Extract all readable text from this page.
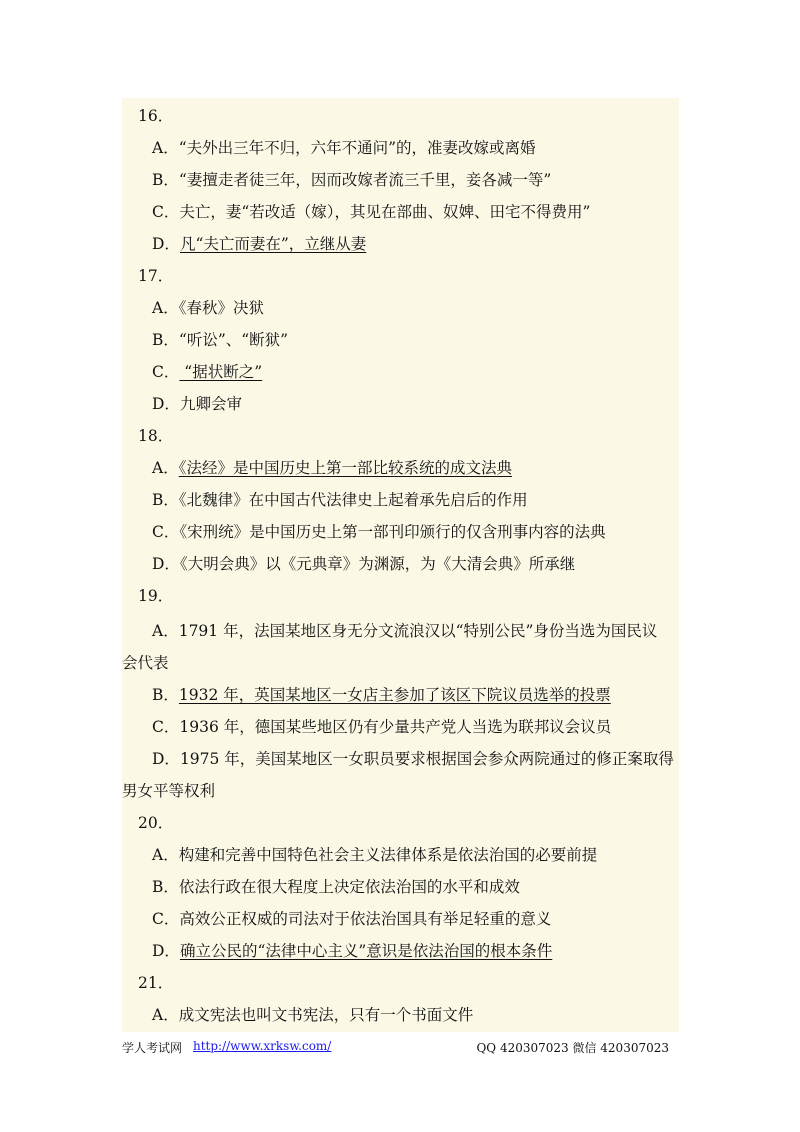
16．
A．“夫外出三年不归，六年不通问”的，准妻改嫁或离婚
B．“妻擅走者徒三年，因而改嫁者流三千里，妾各减一等”
C．夫亡，妻“若改适（嫁），其见在部曲、奴婢、田宅不得费用”
D．凡“夫亡而妻在”，立继从妻
17．
A．《春秋》决狱
B．“听讼”、“断狱”
C． “据状断之”
D．九卿会审
18．
A．《法经》是中国历史上第一部比较系统的成文法典
B．《北魏律》在中国古代法律史上起着承先启后的作用
C．《宋刑统》是中国历史上第一部刊印颁行的仅含刑事内容的法典
D．《大明会典》以《元典章》为渊源，为《大清会典》所承继
19．
A．1791 年，法国某地区身无分文流浪汉以“特别公民”身份当选为国民议
会代表
B．1932 年，英国某地区一女店主参加了该区下院议员选举的投票
C．1936 年，德国某些地区仍有少量共产党人当选为联邦议会议员
D．1975 年，美国某地区一女职员要求根据国会参众两院通过的修正案取得
男女平等权利
20．
A．构建和完善中国特色社会主义法律体系是依法治国的必要前提
B．依法行政在很大程度上决定依法治国的水平和成效
C．高效公正权威的司法对于依法治国具有举足轻重的意义
D．确立公民的“法律中心主义”意识是依法治国的根本条件
21．
A．成文宪法也叫文书宪法，只有一个书面文件
学人考试网 http://www.xrksw.com/	QQ 420307023 微信 420307023
